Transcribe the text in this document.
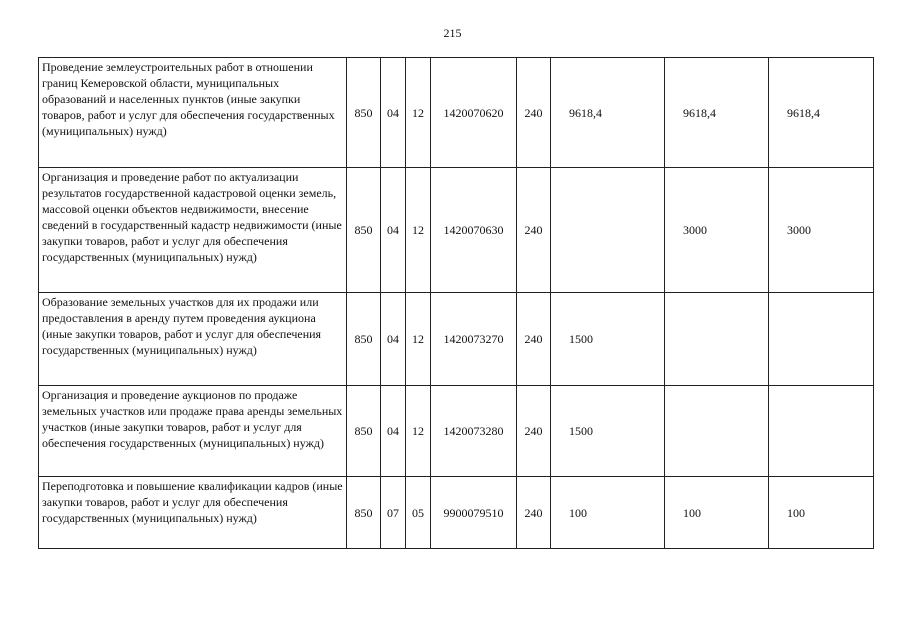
215
Проведение землеустроительных работ в отношении границ Кемеровской области, муниципальных образований и населенных пунктов (иные закупки товаров, работ и услуг для обеспечения государственных (муниципальных) нужд)	850	04	12	1420070620	240	9618,4	9618,4	9618,4
Организация и проведение работ по актуализации результатов государственной кадастровой оценки земель, массовой оценки объектов недвижимости, внесение сведений в государственный кадастр недвижимости (иные закупки товаров, работ и услуг для обеспечения государственных (муниципальных) нужд)	850	04	12	1420070630	240		3000	3000
Образование земельных участков для их продажи или предоставления в аренду путем проведения аукциона (иные закупки товаров, работ и услуг для обеспечения государственных (муниципальных) нужд)	850	04	12	1420073270	240	1500		
Организация и проведение аукционов по продаже земельных участков или продаже права аренды земельных участков (иные закупки товаров, работ и услуг для обеспечения государственных (муниципальных) нужд)	850	04	12	1420073280	240	1500		
Переподготовка и повышение квалификации кадров (иные закупки товаров, работ и услуг для обеспечения государственных (муниципальных) нужд)	850	07	05	9900079510	240	100	100	100
